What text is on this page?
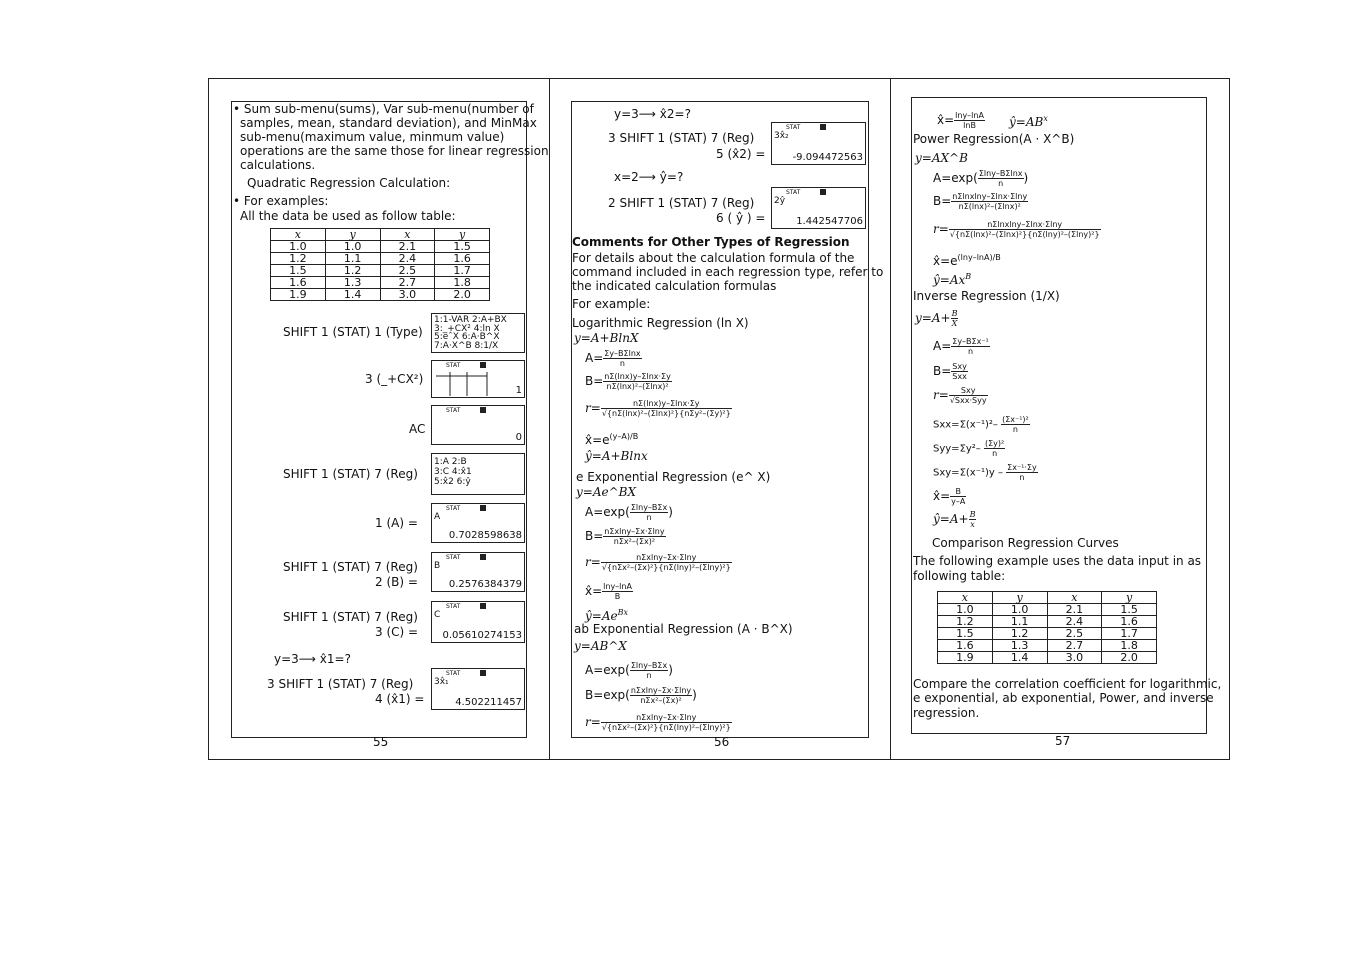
• Sum sub-menu(sums), Var sub-menu(number of
samples, mean, standard deviation), and MinMax
sub-menu(maximum value, minmum value)
operations are the same those for linear regression
calculations.
Quadratic Regression Calculation:
• For examples:
All the data be used as follow table:
x	y	x	y
1.0	1.0	2.1	1.5
1.2	1.1	2.4	1.6
1.5	1.2	2.5	1.7
1.6	1.3	2.7	1.8
1.9	1.4	3.0	2.0
SHIFT 1 (STAT) 1 (Type)
1:1-VAR 2:A+BX
3:_+CX² 4:ln X
5:eˆX 6:A·B^X
7:A·X^B 8:1/X
3 (_+CX²)
STAT
1
AC
STAT
0
SHIFT 1 (STAT) 7 (Reg)
1:A 2:B
3:C 4:x̂1
5:x̂2 6:ŷ
1 (A) =
STAT
A
0.7028598638
SHIFT 1 (STAT) 7 (Reg)
2 (B) =
STAT
B
0.2576384379
SHIFT 1 (STAT) 7 (Reg)
3 (C) =
STAT
C
0.05610274153
y=3⟶ x̂1=?
3 SHIFT 1 (STAT) 7 (Reg)
4 (x̂1) =
STAT
3x̂₁
4.502211457
55
y=3⟶ x̂2=?
3 SHIFT 1 (STAT) 7 (Reg)
5 (x̂2) =
STAT
3x̂₂
-9.094472563
x=2⟶ ŷ=?
2 SHIFT 1 (STAT) 7 (Reg)
6 ( ŷ ) =
STAT
2ŷ
1.442547706
Comments for Other Types of Regression
For details about the calculation formula of the
command included in each regression type, refer to
the indicated calculation formulas
For example:
Logarithmic Regression (ln X)
y=A+BlnX
$A= \frac{\Sigma y-B\Sigma\ln x}{n}$
$B= \frac{n\Sigma(\ln x)y-\Sigma\ln x\cdot\Sigma y}{\text{nΣ(lnx)²–(Σlnx)²}}$
$r= \frac{n\Sigma(\ln x)y-\Sigma\ln x\cdot\Sigma y}{\text{√\{nΣ(lnx)²–(Σlnx)²\}\{nΣy²–(Σy)²\}}}$
$x̂=e^{(y-A)/B}$
ŷ=A+Blnx
e Exponential Regression (e^ X)
y=Ae^BX
$A=\exp( \frac{\text{Σlny–BΣx}}{n}$ )
$B= \frac{\text{nΣxlny–Σx·Σlny}}{\text{nΣx²–(Σx)²}}$
$r= \frac{\text{nΣxlny–Σx·Σlny}}{\text{√\{nΣx²–(Σx)²\}\{nΣ(lny)²–(Σlny)²\}}}$
x̂= $\frac{\ln y-\ln A}{B}$
$ŷ=Ae^{Bx}$
ab Exponential Regression (A · B^X)
y=AB^X
$A=\exp( \frac{\text{Σlny–BΣx}}{n}$ )
$B=\exp( \frac{\text{nΣxlny–Σx·Σlny}}{\text{nΣx²–(Σx)²}}$ )
$r= \frac{\text{nΣxlny–Σx·Σlny}}{\text{√\{nΣx²–(Σx)²\}\{nΣ(lny)²–(Σlny)²\}}}$
56
x̂= $\frac{\ln y-\ln A}{\ln B}$ $ŷ=AB^x$
Power Regression(A · X^B)
y=AX^B
$A=\exp( \frac{\Sigma\ln y-B\Sigma\ln x}{n}$ )
$B= \frac{\text{nΣlnxlny–Σlnx·Σlny}}{\text{nΣ(lnx)²–(Σlnx)²}}$
$r= \frac{\text{nΣlnxlny–Σlnx·Σlny}}{\text{√\{nΣ(lnx)²–(Σlnx)²\}\{nΣ(lny)²–(Σlny)²\}}}$
$x̂=e^{(lny-lnA)/B}$
$ŷ=Ax^B$
Inverse Regression (1/X)
$y=A+ \frac{B}{X}$
$A= \frac{\text{Σy–BΣx⁻¹}}{n}$
$B= \frac{\text{Sxy}}{\text{Sxx}}$
$r= \frac{\text{Sxy}}{\text{√Sxx·Syy}}$
$Sxx=\Sigma(x^{-1})^2- \frac{\text{(Σx⁻¹)²}}{n}$
$Syy=\Sigma y^2- \frac{\text{(Σy)²}}{n}$
$Sxy=\Sigma(x^{-1})y - \frac{\text{Σx⁻¹·Σy}}{n}$
x̂= $\frac{B}{y-A}$
ŷ=A+ $\frac{B}{x}$
Comparison Regression Curves
The following example uses the data input in as
following table:
x	y	x	y
1.0	1.0	2.1	1.5
1.2	1.1	2.4	1.6
1.5	1.2	2.5	1.7
1.6	1.3	2.7	1.8
1.9	1.4	3.0	2.0
Compare the correlation coefficient for logarithmic,
e exponential, ab exponential, Power, and inverse
regression.
57
